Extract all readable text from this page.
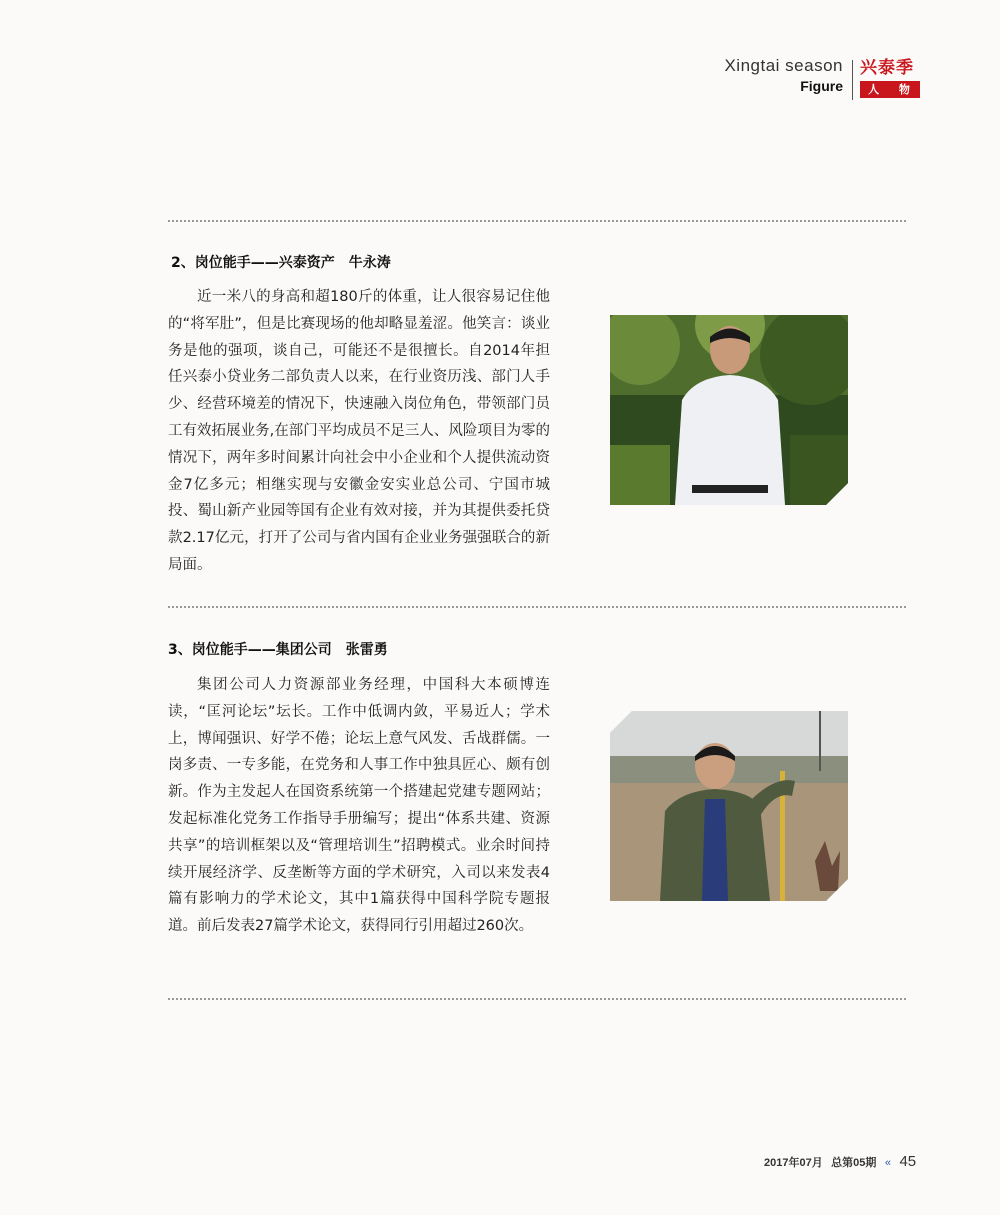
Xingtai season
Figure
兴泰季
人 物
2、岗位能手——兴泰资产　牛永涛
近一米八的身高和超180斤的体重，让人很容易记住他的“将军肚”，但是比赛现场的他却略显羞涩。他笑言：谈业务是他的强项，谈自己，可能还不是很擅长。自2014年担任兴泰小贷业务二部负责人以来，在行业资历浅、部门人手少、经营环境差的情况下，快速融入岗位角色，带领部门员工有效拓展业务,在部门平均成员不足三人、风险项目为零的情况下，两年多时间累计向社会中小企业和个人提供流动资金7亿多元；相继实现与安徽金安实业总公司、宁国市城投、蜀山新产业园等国有企业有效对接，并为其提供委托贷款2.17亿元，打开了公司与省内国有企业业务强强联合的新局面。
3、岗位能手——集团公司　张雷勇
集团公司人力资源部业务经理，中国科大本硕博连读，“匡河论坛”坛长。工作中低调内敛，平易近人；学术上，博闻强识、好学不倦；论坛上意气风发、舌战群儒。一岗多责、一专多能，在党务和人事工作中独具匠心、颇有创新。作为主发起人在国资系统第一个搭建起党建专题网站；发起标准化党务工作指导手册编写；提出“体系共建、资源共享”的培训框架以及“管理培训生”招聘模式。业余时间持续开展经济学、反垄断等方面的学术研究，入司以来发表4篇有影响力的学术论文，其中1篇获得中国科学院专题报道。前后发表27篇学术论文，获得同行引用超过260次。
2017年07月 总第05期 « 45
